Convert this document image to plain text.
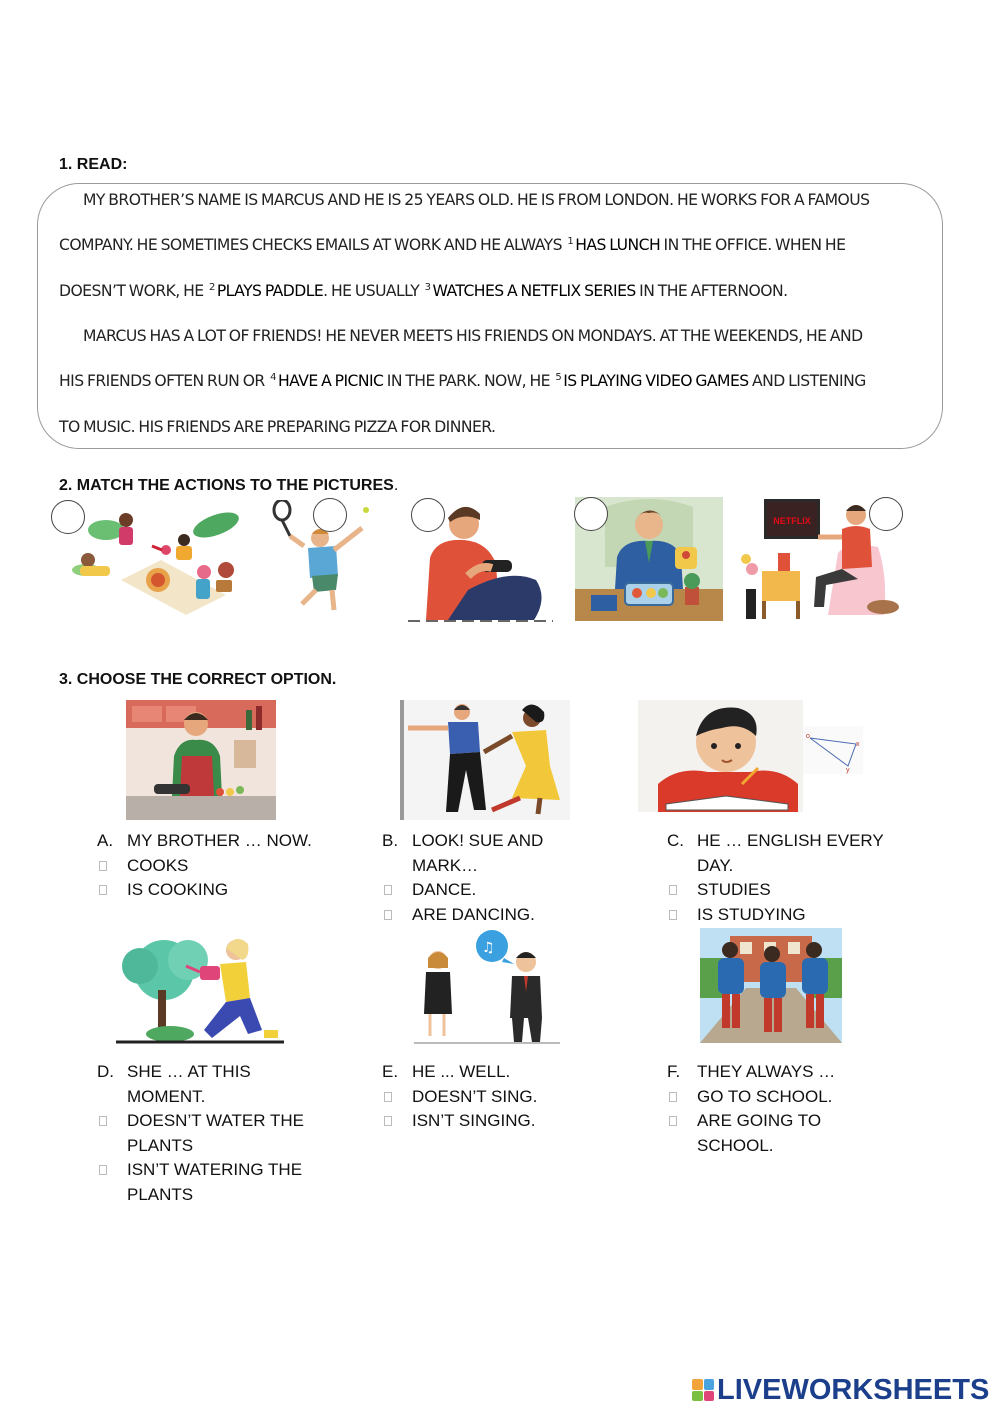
1. READ:
MY BROTHER’S NAME IS MARCUS AND HE IS 25 YEARS OLD. HE IS FROM LONDON. HE WORKS FOR A FAMOUS
COMPANY. HE SOMETIMES CHECKS EMAILS AT WORK AND HE ALWAYS $^1$ HAS LUNCH IN THE OFFICE. WHEN HE
DOESN’T WORK, HE $^2$ PLAYS PADDLE. HE USUALLY $^3$ WATCHES A NETFLIX SERIES IN THE AFTERNOON.
MARCUS HAS A LOT OF FRIENDS! HE NEVER MEETS HIS FRIENDS ON MONDAYS. AT THE WEEKENDS, HE AND
HIS FRIENDS OFTEN RUN OR $^4$ HAVE A PICNIC IN THE PARK. NOW, HE $^5$ IS PLAYING VIDEO GAMES AND LISTENING
TO MUSIC. HIS FRIENDS ARE PREPARING PIZZA FOR DINNER.
2. MATCH THE ACTIONS TO THE PICTURES.
NETFLIX
3. CHOOSE THE CORRECT OPTION.
o
x
y
♫
A. MY BROTHER … NOW.
COOKS
IS COOKING
B. LOOK! SUE AND
MARK…
DANCE.
ARE DANCING.
C. HE … ENGLISH EVERY
DAY.
STUDIES
IS STUDYING
D. SHE … AT THIS
MOMENT.
DOESN’T WATER THE
PLANTS
ISN’T WATERING THE
PLANTS
E. HE ... WELL.
DOESN’T SING.
ISN’T SINGING.
F. THEY ALWAYS …
GO TO SCHOOL.
ARE GOING TO
SCHOOL.
LIVEWORKSHEETS
